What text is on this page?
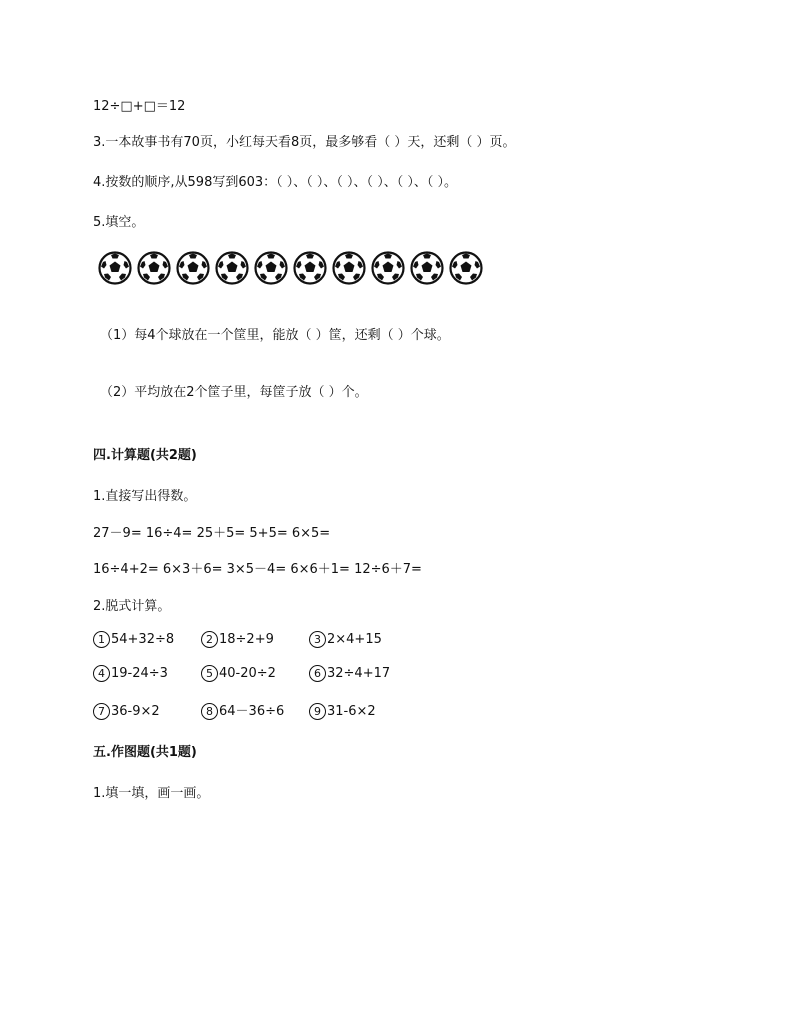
12÷□+□＝12
3.一本故事书有70页，小红每天看8页，最多够看（ ）天，还剩（ ）页。
4.按数的顺序,从598写到603：（ ）、（ ）、（ ）、（ ）、（ ）、（ ）。
5.填空。
（1）每4个球放在一个筐里，能放（ ）筐，还剩（ ）个球。
（2）平均放在2个筐子里，每筐子放（ ）个。
四.计算题(共2题)
1.直接写出得数。
27－9= 16÷4= 25＋5= 5+5= 6×5=
16÷4+2= 6×3＋6= 3×5－4= 6×6＋1= 12÷6＋7=
2.脱式计算。
1 54+32÷8	2 18÷2+9	3 2×4+15
4 19-24÷3	5 40-20÷2	6 32÷4+17
7 36-9×2	8 64－36÷6	9 31-6×2
五.作图题(共1题)
1.填一填，画一画。
